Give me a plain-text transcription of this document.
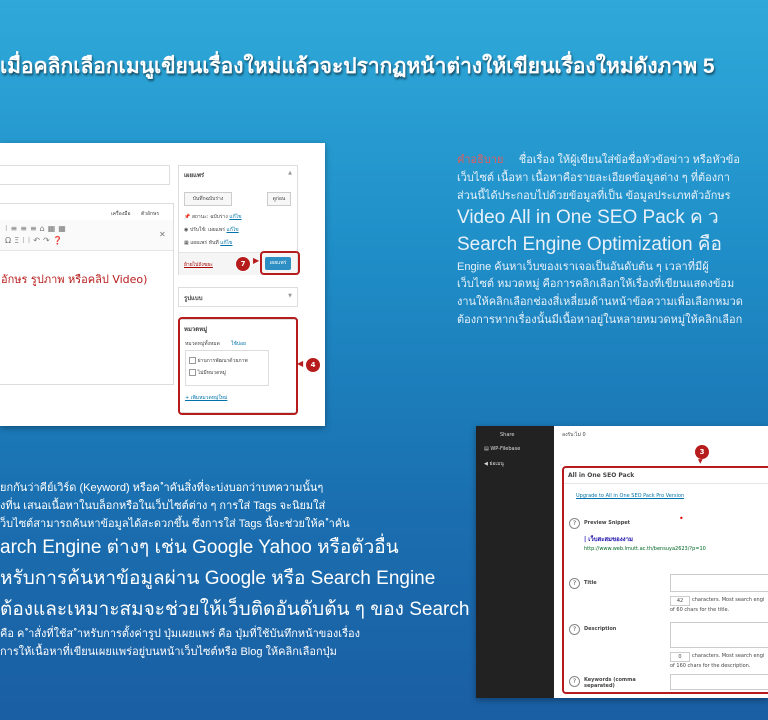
เมื่อคลิกเลือกเมนูเขียนเรื่องใหม่แล้วจะปรากฏหน้าต่างให้เขียนเรื่องใหม่ดังภาพ 5
เครื่องมือ ตัวอักษร
⁝≡≡≡⌂▦▦
ΩΞ⁝⁝↶↷❓
✕
อักษร รูปภาพ หรือคลิป Video)
เผยแพร่	▲
บันทึกฉบับร่าง	ดูก่อน
📌 สถานะ: ฉบับร่าง แก้ไข
◉ ปรับใช้: เผยแพร่ แก้ไข
▦ เผยแพร่ ทันที แก้ไข
ย้ายไปถังขยะ	7	เผยแพร่
▶
รูปแบบ	▼
หมวดหมู่
หมวดหมู่ทั้งหมด ใช้บ่อย
ผ่านการพัฒนาด้วยภาพ
ไม่มีหมวดหมู่
+ เพิ่มหมวดหมู่ใหม่
◀	4

คำอธิบาย ชื่อเรื่อง ให้ผู้เขียนใส่ข้อชื่อหัวข้อข่าว หรือหัวข้อ

เว็บไซต์ เนื้อหา เนื้อหาคือรายละเอียดข้อมูลต่าง ๆ ที่ต้องกา

ส่วนนี้ได้ประกอบไปด้วยข้อมูลที่เป็น ข้อมูลประเภทตัวอักษร

Video All in One SEO Pack ค ว

Search Engine Optimization คือ

Engine ค้นหาเว็บของเราเจอเป็นอันดับต้น ๆ เวลาที่มีผู้

เว็บไซต์ หมวดหมู่ คือการคลิกเลือกให้เรื่องที่เขียนแสดงข้อม

งานให้คลิกเลือกช่องสี่เหลี่ยมด้านหน้าข้อความเพื่อเลือกหมวด

ต้องการหากเรื่องนั้นมีเนื้อหาอยู่ในหลายหมวดหมู่ให้คลิกเลือก

ยกกันว่าคีย์เวิร์ด (Keyword) หรือค ำคันสิ่งที่จะบ่งบอกว่าบทความนั้นๆ

งที่น เสนอเนื้อหาในบล็อกหรือในเว็บไซต์ต่าง ๆ การใส่ Tags จะนิยมใส่

ว็บไซต์สามารถค้นหาข้อมูลได้สะดวกขึ้น ซึ่งการใส่ Tags นี้จะช่วยให้ค ำคัน

arch Engine ต่างๆ เช่น Google Yahoo หรือตัวอื่น

หรับการค้นหาข้อมูลผ่าน Google หรือ Search Engine

ต้องและเหมาะสมจะช่วยให้เว็บติดอันดับต้น ๆ ของ Search

คือ ค ำสั่งที่ใช้ส ำหรับการตั้งค่ารูป ปุ่มเผยแพร่ คือ ปุ่มที่ใช้บันทึกหน้าของเรื่อง

การให้เนื้อหาที่เขียนเผยแพร่อยู่บนหน้าเว็บไซต์หรือ Blog ให้คลิกเลือกปุ่ม

Share
▤ WP-Filebase
◀ ย่อเมนู
ลงรับ:ไม่ 0
3
▼
All in One SEO Pack
Upgrade to All in One SEO Pack Pro Version
?	Preview Snippet	•
| เว็บสะสมของงาม
http://www.web.lmutt.ac.th/bensuya2623/?p=10
?	Title
42	characters. Most search engi
of 60 chars for the title.
?	Description
0	characters. Most search engi
of 160 chars for the description.
?	Keywords (comma separated)
